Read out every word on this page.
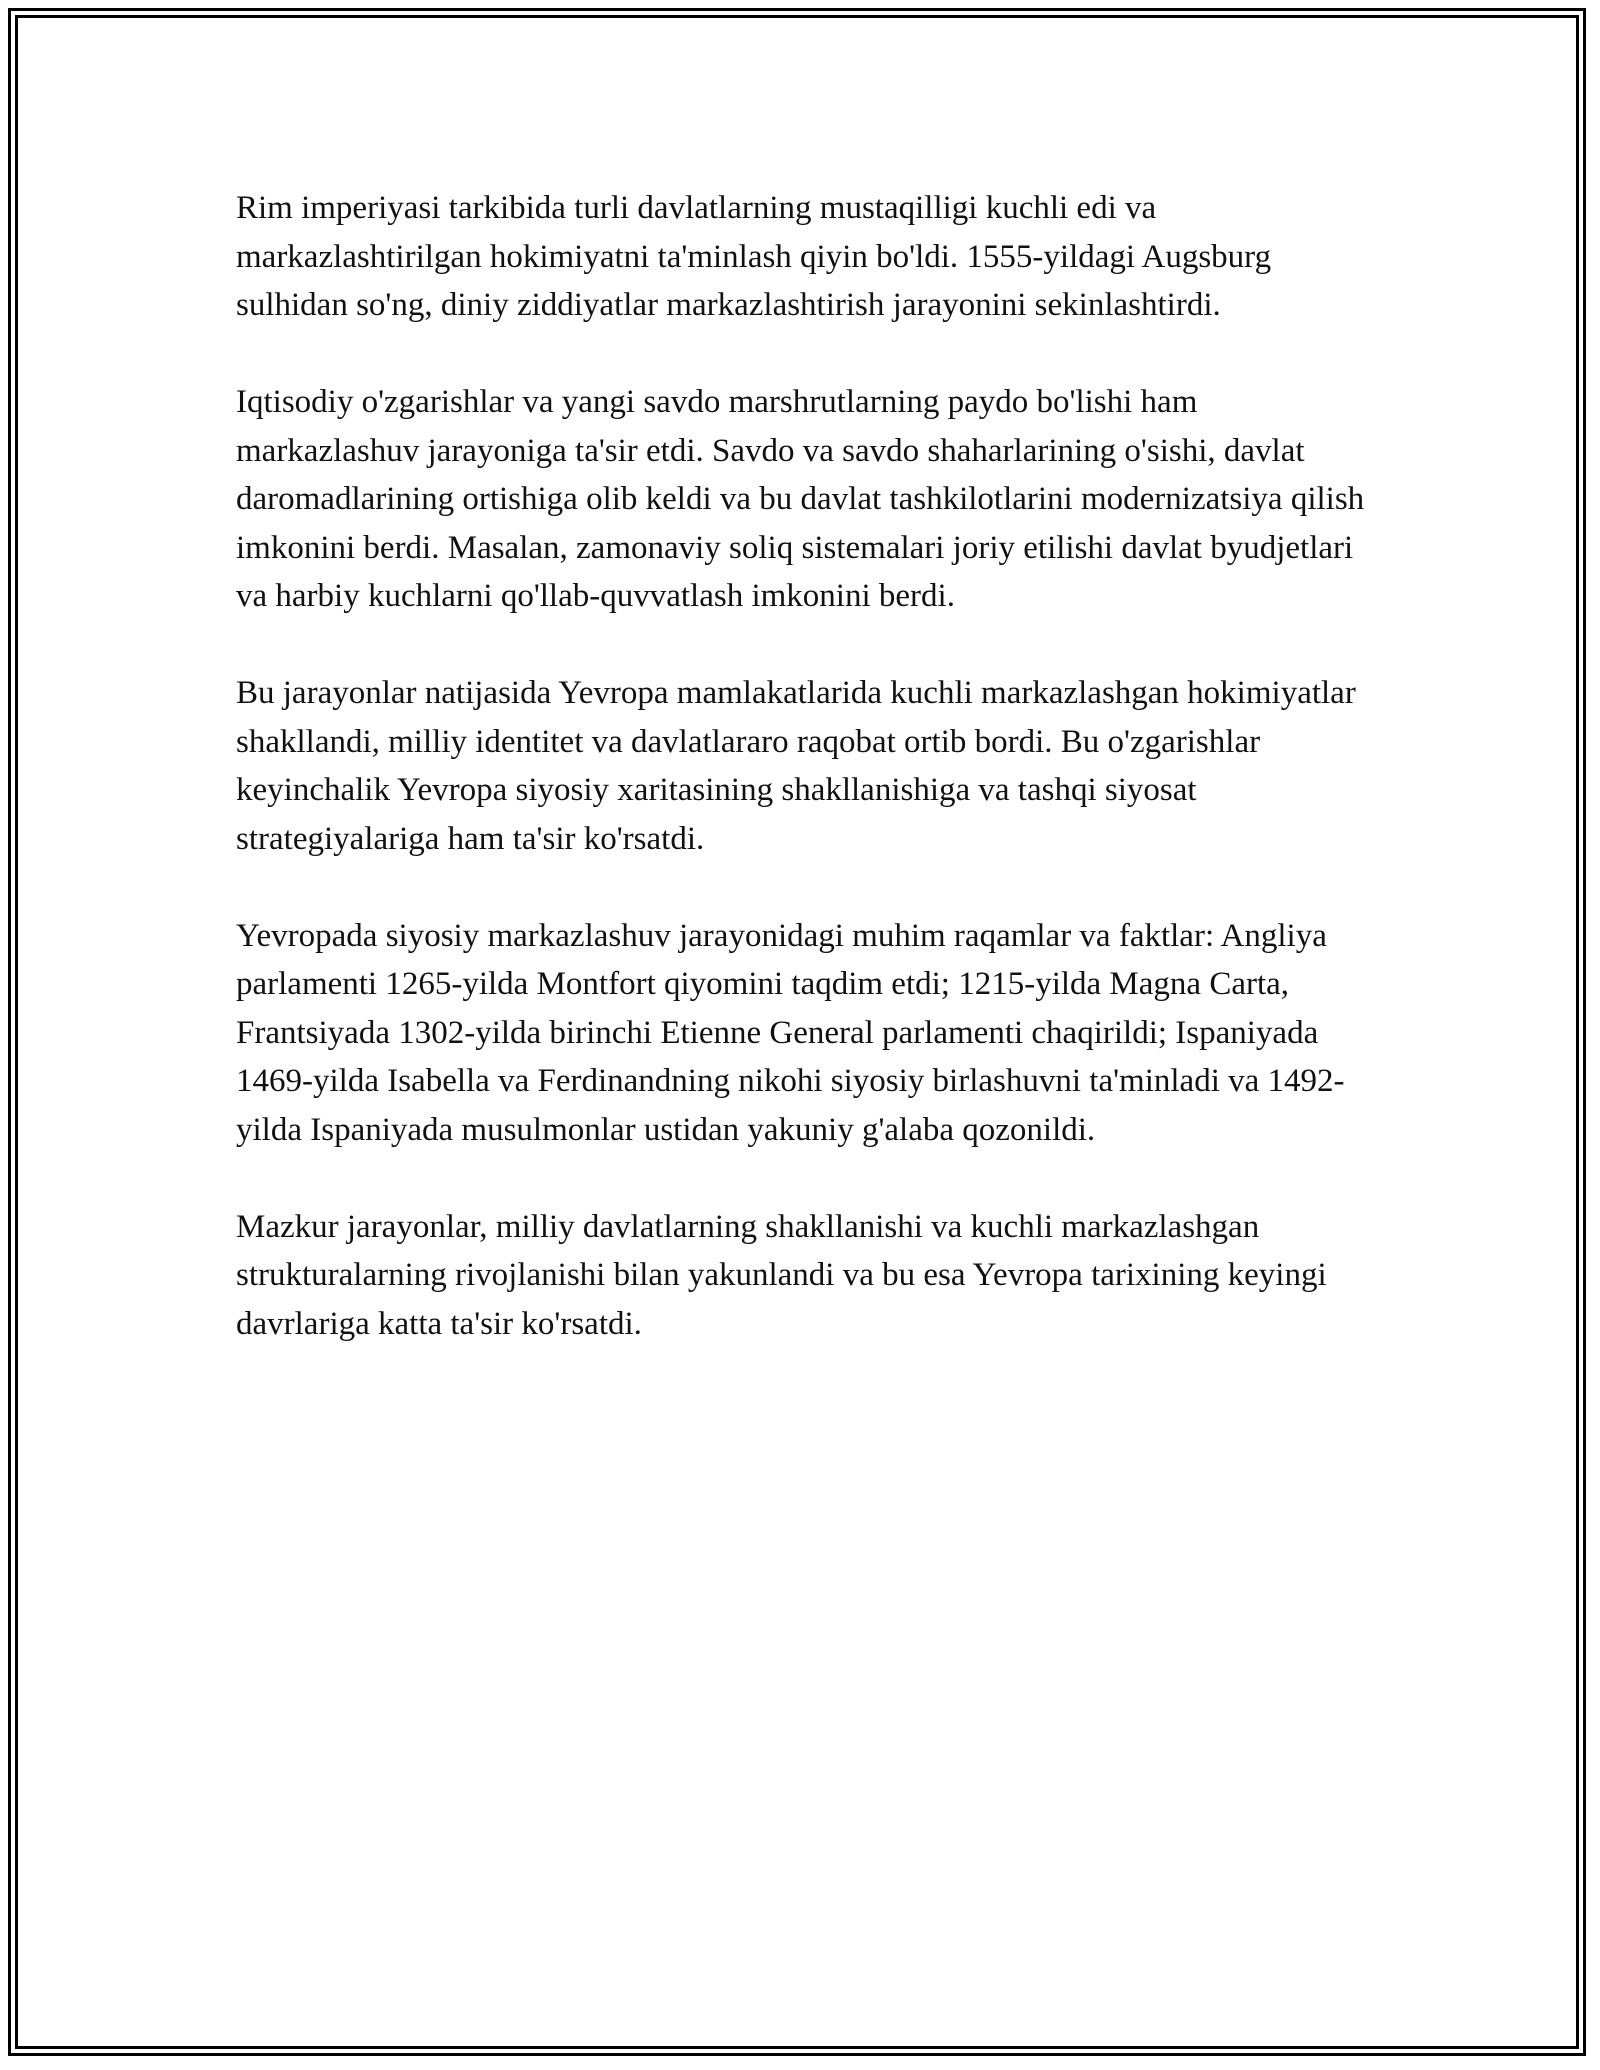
Rim imperiyasi tarkibida turli davlatlarning mustaqilligi kuchli edi va markazlashtirilgan hokimiyatni ta'minlash qiyin bo'ldi. 1555-yildagi Augsburg sulhidan so'ng, diniy ziddiyatlar markazlashtirish jarayonini sekinlashtirdi.

Iqtisodiy o'zgarishlar va yangi savdo marshrutlarning paydo bo'lishi ham markazlashuv jarayoniga ta'sir etdi. Savdo va savdo shaharlarining o'sishi, davlat daromadlarining ortishiga olib keldi va bu davlat tashkilotlarini modernizatsiya qilish imkonini berdi. Masalan, zamonaviy soliq sistemalari joriy etilishi davlat byudjetlari va harbiy kuchlarni qo'llab-quvvatlash imkonini berdi.

Bu jarayonlar natijasida Yevropa mamlakatlarida kuchli markazlashgan hokimiyatlar shakllandi, milliy identitet va davlatlararo raqobat ortib bordi. Bu o'zgarishlar keyinchalik Yevropa siyosiy xaritasining shakllanishiga va tashqi siyosat strategiyalariga ham ta'sir ko'rsatdi.

Yevropada siyosiy markazlashuv jarayonidagi muhim raqamlar va faktlar: Angliya parlamenti 1265-yilda Montfort qiyomini taqdim etdi; 1215-yilda Magna Carta, Frantsiyada 1302-yilda birinchi Etienne General parlamenti chaqirildi; Ispaniyada 1469-yilda Isabella va Ferdinandning nikohi siyosiy birlashuvni ta'minladi va 1492-yilda Ispaniyada musulmonlar ustidan yakuniy g'alaba qozonildi.

Mazkur jarayonlar, milliy davlatlarning shakllanishi va kuchli markazlashgan strukturalarning rivojlanishi bilan yakunlandi va bu esa Yevropa tarixining keyingi davrlariga katta ta'sir ko'rsatdi.
